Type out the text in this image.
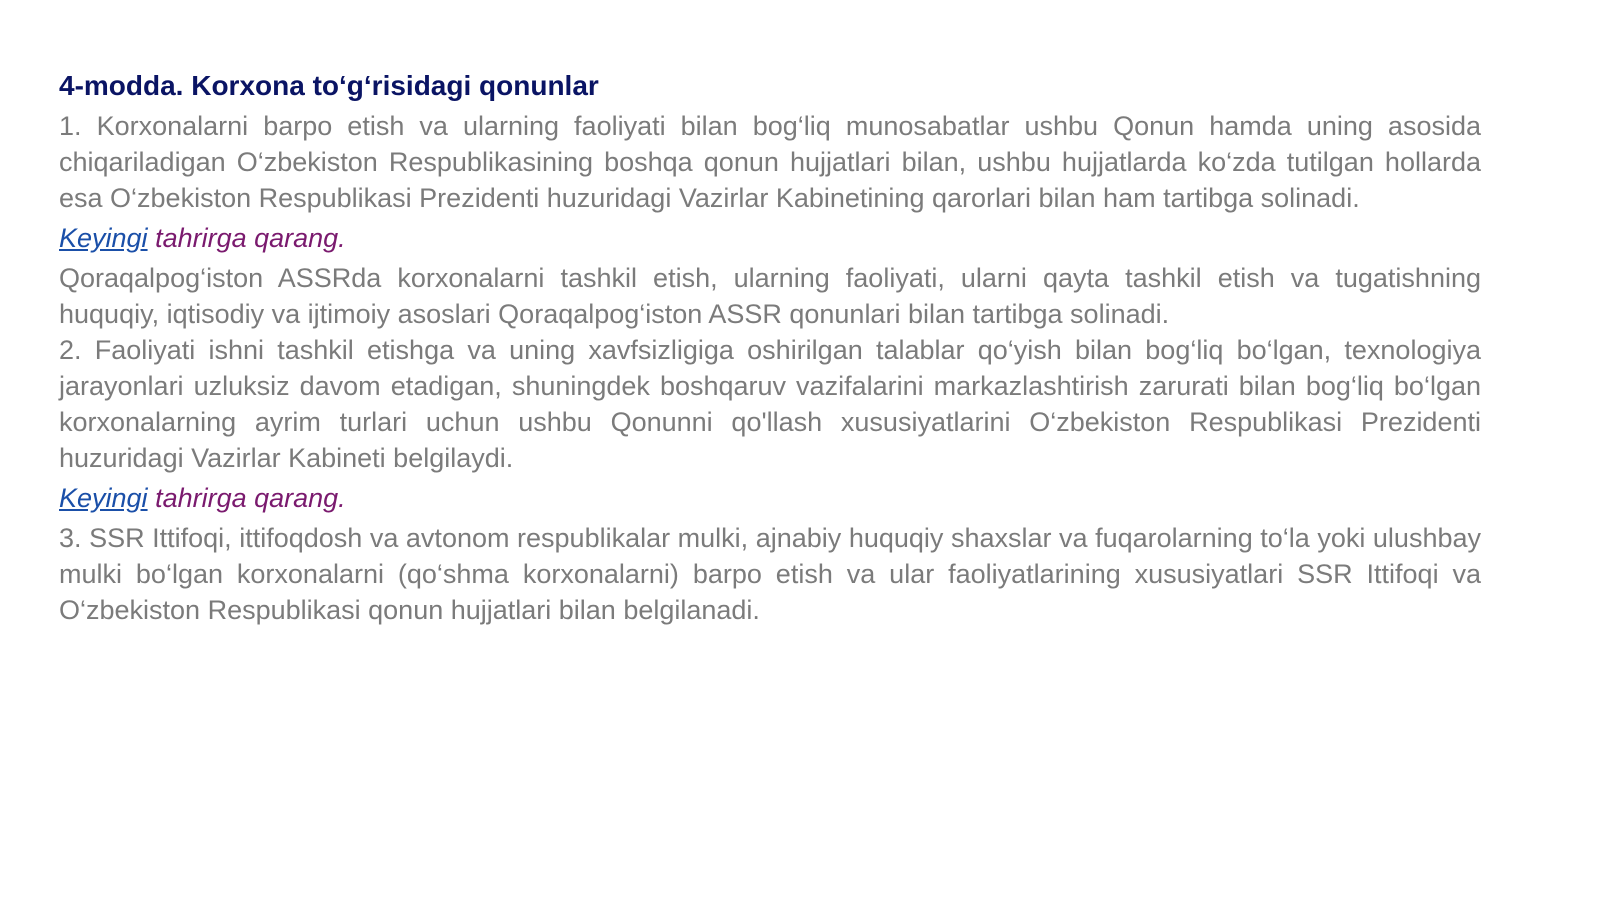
4-modda. Korxona to‘g‘risidagi qonunlar

1. Korxonalarni barpo etish va ularning faoliyati bilan bog‘liq munosabatlar ushbu Qonun hamda uning asosida chiqariladigan O‘zbekiston Respublikasining boshqa qonun hujjatlari bilan, ushbu hujjatlarda ko‘zda tutilgan hollarda esa O‘zbekiston Respublikasi Prezidenti huzuridagi Vazirlar Kabinetining qarorlari bilan ham tartibga solinadi.

Keyingi tahrirga qarang.

Qoraqalpog‘iston ASSRda korxonalarni tashkil etish, ularning faoliyati, ularni qayta tashkil etish va tugatishning huquqiy, iqtisodiy va ijtimoiy asoslari Qoraqalpog‘iston ASSR qonunlari bilan tartibga solinadi.

2. Faoliyati ishni tashkil etishga va uning xavfsizligiga oshirilgan talablar qo‘yish bilan bog‘liq bo‘lgan, texnologiya jarayonlari uzluksiz davom etadigan, shuningdek boshqaruv vazifalarini markazlashtirish zarurati bilan bog‘liq bo‘lgan korxonalarning ayrim turlari uchun ushbu Qonunni qo'llash xususiyatlarini O‘zbekiston Respublikasi Prezidenti huzuridagi Vazirlar Kabineti belgilaydi.

Keyingi tahrirga qarang.

3. SSR Ittifoqi, ittifoqdosh va avtonom respublikalar mulki, ajnabiy huquqiy shaxslar va fuqarolarning to‘la yoki ulushbay mulki bo‘lgan korxonalarni (qo‘shma korxonalarni) barpo etish va ular faoliyatlarining xususiyatlari SSR Ittifoqi va O‘zbekiston Respublikasi qonun hujjatlari bilan belgilanadi.
